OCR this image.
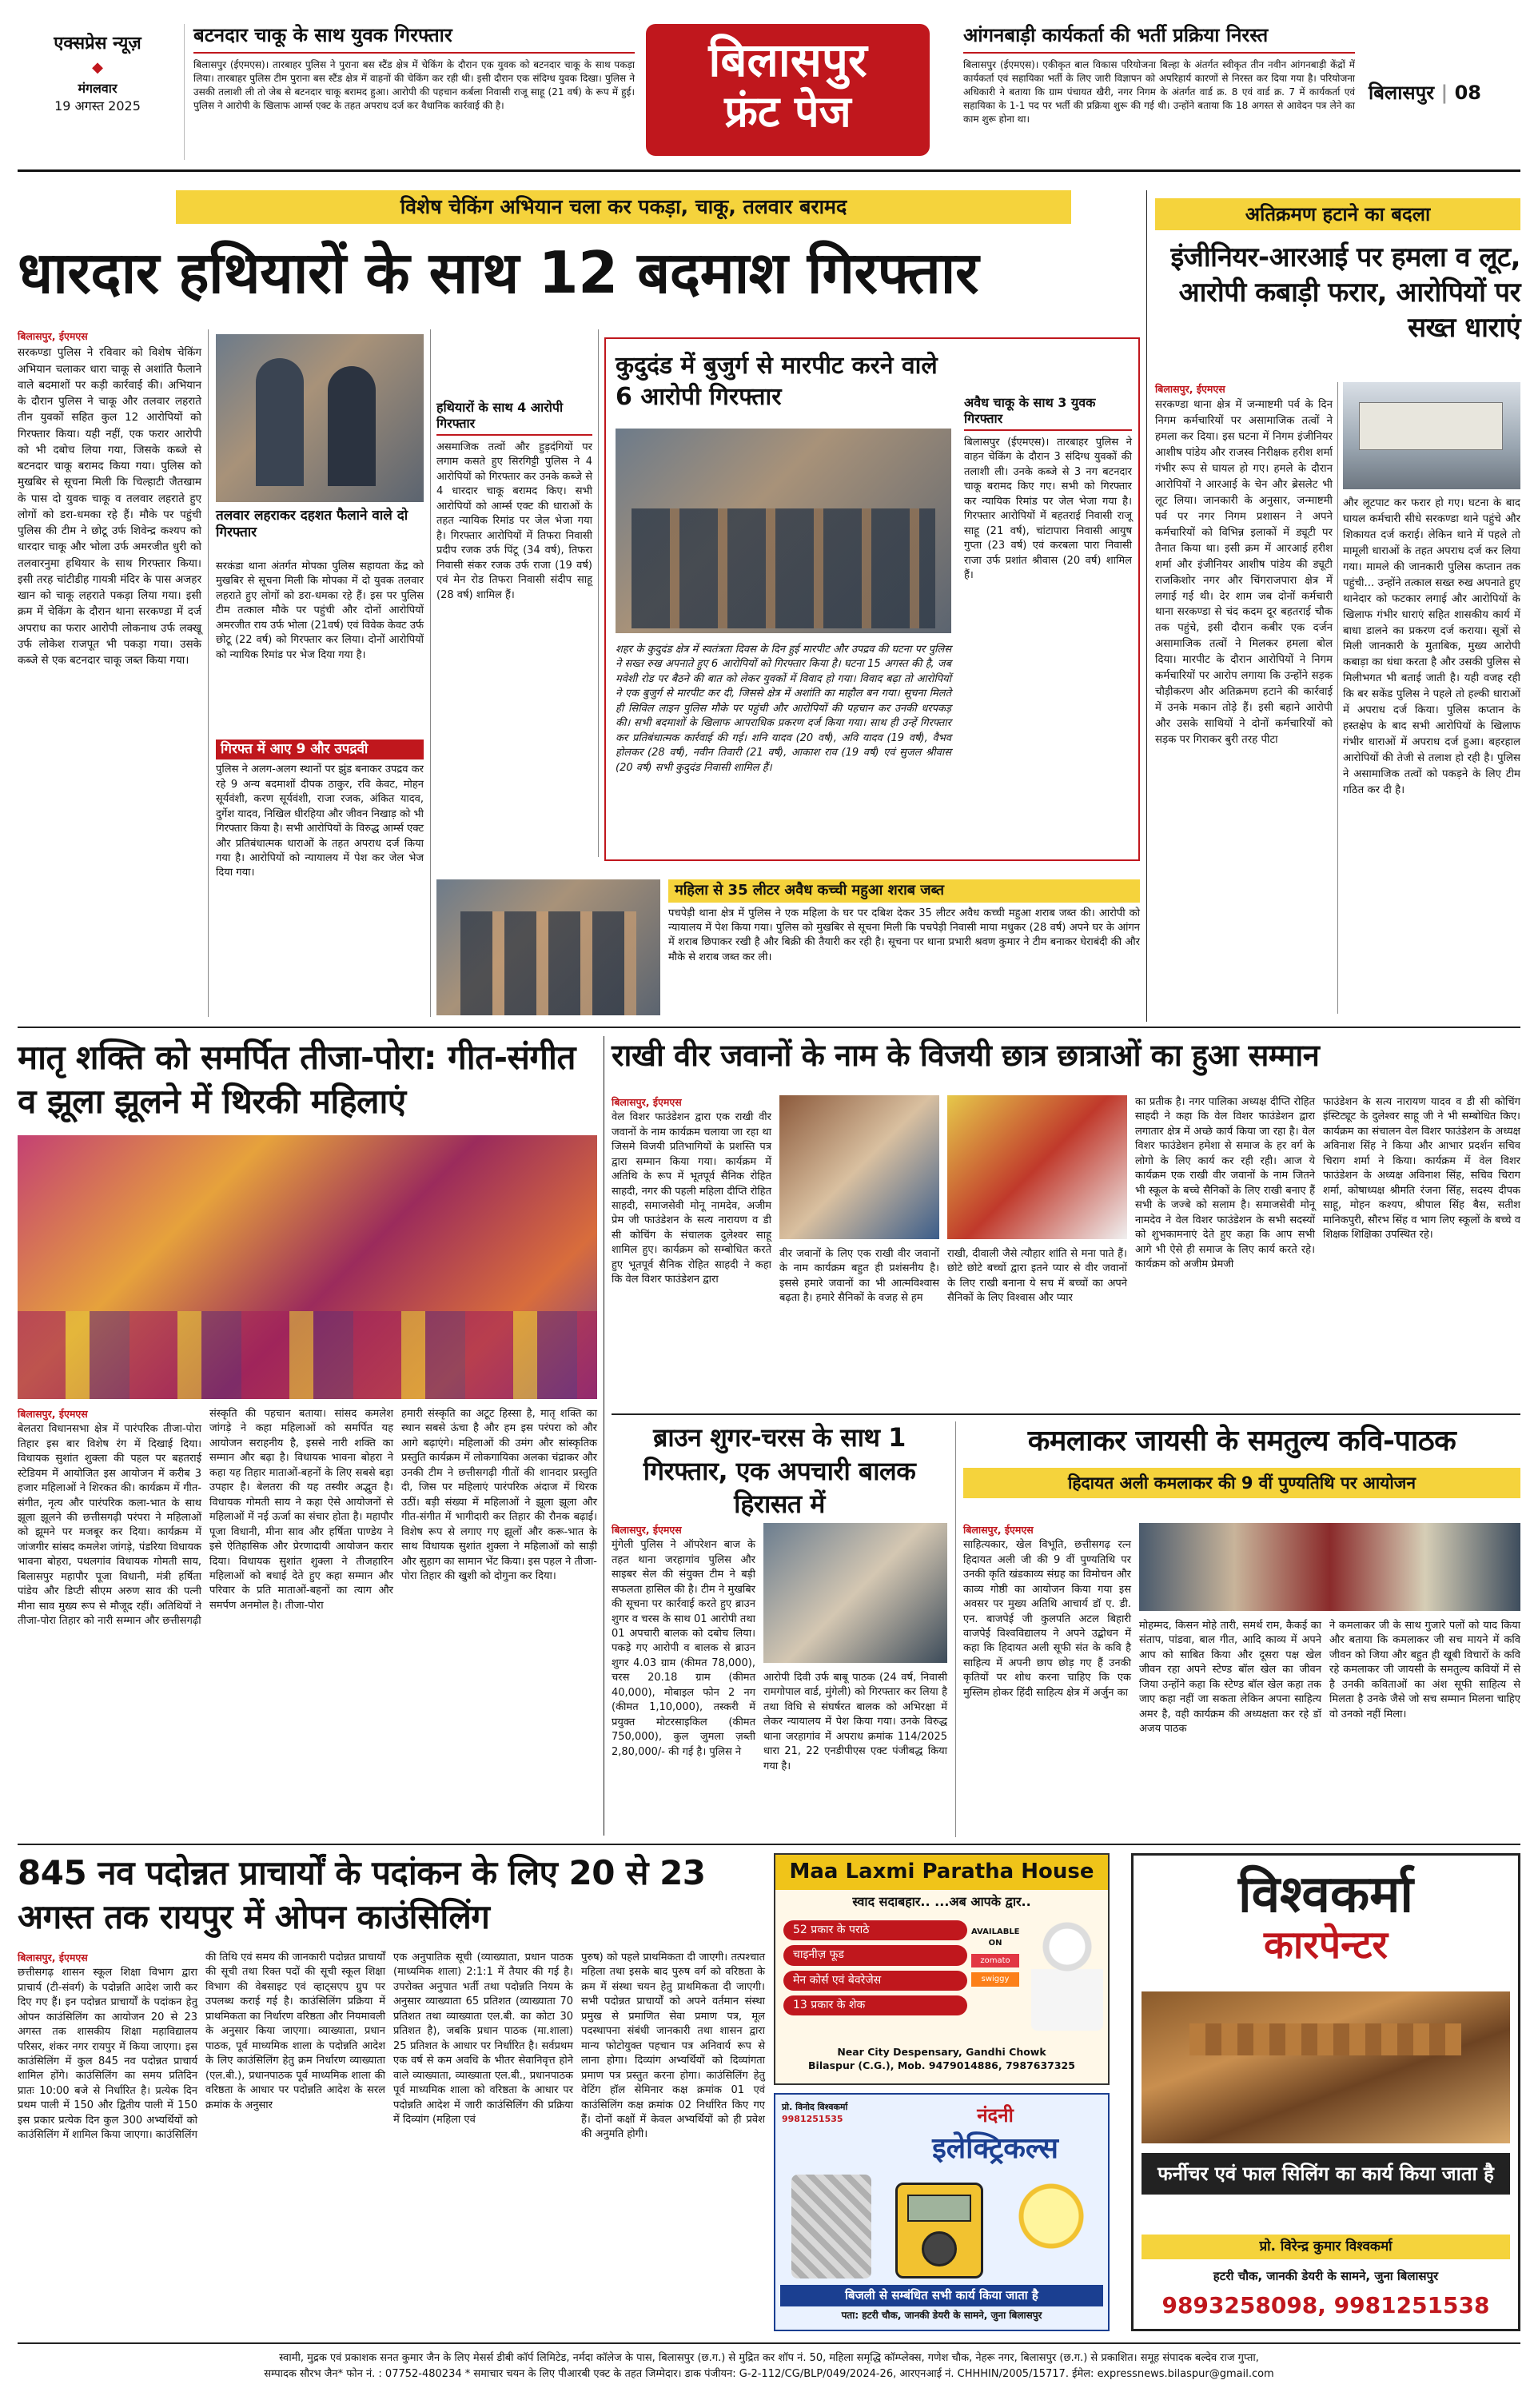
एक्सप्रेस न्यूज़
◆
मंगलवार
19 अगस्त 2025
बटनदार चाकू के साथ युवक गिरफ्तार
बिलासपुर (ईएमएस)। तारबाहर पुलिस ने पुराना बस स्टैंड क्षेत्र में चेकिंग के दौरान एक युवक को बटनदार चाकू के साथ पकड़ा लिया। तारबाहर पुलिस टीम पुराना बस स्टैंड क्षेत्र में वाहनों की चेकिंग कर रही थी। इसी दौरान एक संदिग्ध युवक दिखा। पुलिस ने उसकी तलाशी ली तो जेब से बटनदार चाकू बरामद हुआ। आरोपी की पहचान कर्बला निवासी राजू साहू (21 वर्ष) के रूप में हुई। पुलिस ने आरोपी के खिलाफ आर्म्स एक्ट के तहत अपराध दर्ज कर वैधानिक कार्रवाई की है।
बिलासपुर
फ्रंट पेज
आंगनबाड़ी कार्यकर्ता की भर्ती प्रक्रिया निरस्त
बिलासपुर (ईएमएस)। एकीकृत बाल विकास परियोजना बिल्हा के अंतर्गत स्वीकृत तीन नवीन आंगनबाड़ी केंद्रों में कार्यकर्ता एवं सहायिका भर्ती के लिए जारी विज्ञापन को अपरिहार्य कारणों से निरस्त कर दिया गया है। परियोजना अधिकारी ने बताया कि ग्राम पंचायत खैरी, नगर निगम के अंतर्गत वार्ड क्र. 8 एवं वार्ड क्र. 7 में कार्यकर्ता एवं सहायिका के 1-1 पद पर भर्ती की प्रक्रिया शुरू की गई थी। उन्होंने बताया कि 18 अगस्त से आवेदन पत्र लेने का काम शुरू होना था।
बिलासपुर | 08
विशेष चेकिंग अभियान चला कर पकड़ा, चाकू, तलवार बरामद
धारदार हथियारों के साथ 12 बदमाश गिरफ्तार
बिलासपुर, ईएमएस
सरकण्डा पुलिस ने रविवार को विशेष चेकिंग अभियान चलाकर धारा चाकू से अशांति फैलाने वाले बदमाशों पर कड़ी कार्रवाई की। अभियान के दौरान पुलिस ने चाकू और तलवार लहराते तीन युवकों सहित कुल 12 आरोपियों को गिरफ्तार किया। यही नहीं, एक फरार आरोपी को भी दबोच लिया गया, जिसके कब्जे से बटनदार चाकू बरामद किया गया। पुलिस को मुखबिर से सूचना मिली कि चिल्हाटी जैतखाम के पास दो युवक चाकू व तलवार लहराते हुए लोगों को डरा-धमका रहे हैं। मौके पर पहुंची पुलिस की टीम ने छोटू उर्फ शिवेन्द्र कश्यप को धारदार चाकू और भोला उर्फ अमरजीत धुरी को तलवारनुमा हथियार के साथ गिरफ्तार किया। इसी तरह चांटीडीह गायत्री मंदिर के पास अजहर खान को चाकू लहराते पकड़ा लिया गया। इसी क्रम में चेकिंग के दौरान थाना सरकण्डा में दर्ज अपराध का फरार आरोपी लोकनाथ उर्फ लक्खू उर्फ लोकेश राजपूत भी पकड़ा गया। उसके कब्जे से एक बटनदार चाकू जब्त किया गया।
तलवार लहराकर दहशत फैलाने वाले दो गिरफ्तार
सरकंडा थाना अंतर्गत मोपका पुलिस सहायता केंद्र को मुखबिर से सूचना मिली कि मोपका में दो युवक तलवार लहराते हुए लोगों को डरा-धमका रहे हैं। इस पर पुलिस टीम तत्काल मौके पर पहुंची और दोनों आरोपियों अमरजीत राय उर्फ भोला (21वर्ष) एवं विवेक केवट उर्फ छोटू (22 वर्ष) को गिरफ्तार कर लिया। दोनों आरोपियों को न्यायिक रिमांड पर भेज दिया गया है।
गिरफ्त में आए 9 और उपद्रवी
पुलिस ने अलग-अलग स्थानों पर झुंड बनाकर उपद्रव कर रहे 9 अन्य बदमाशों दीपक ठाकुर, रवि केवट, मोहन सूर्यवंशी, करण सूर्यवंशी, राजा रजक, अंकित यादव, दुर्गेश यादव, निखिल धीरहिया और जीवन निखाड़ को भी गिरफ्तार किया है। सभी आरोपियों के विरुद्ध आर्म्स एक्ट और प्रतिबंधात्मक धाराओं के तहत अपराध दर्ज किया गया है। आरोपियों को न्यायालय में पेश कर जेल भेज दिया गया।
हथियारों के साथ 4 आरोपी गिरफ्तार
असमाजिक तत्वों और हुड़दंगियों पर लगाम कसते हुए सिरगिट्टी पुलिस ने 4 आरोपियों को गिरफ्तार कर उनके कब्जे से 4 धारदार चाकू बरामद किए। सभी आरोपियों को आर्म्स एक्ट की धाराओं के तहत न्यायिक रिमांड पर जेल भेजा गया है। गिरफ्तार आरोपियों में तिफरा निवासी प्रदीप रजक उर्फ पिंटू (34 वर्ष), तिफरा निवासी संकर रजक उर्फ राजा (19 वर्ष) एवं मेन रोड तिफरा निवासी संदीप साहू (28 वर्ष) शामिल हैं।
कुदुदंड में बुजुर्ग से मारपीट करने वाले 6 आरोपी गिरफ्तार
शहर के कुदुदंड क्षेत्र में स्वतंत्रता दिवस के दिन हुई मारपीट और उपद्रव की घटना पर पुलिस ने सख्त रुख अपनाते हुए 6 आरोपियों को गिरफ्तार किया है। घटना 15 अगस्त की है, जब मवेशी रोड पर बैठने की बात को लेकर युवकों में विवाद हो गया। विवाद बढ़ा तो आरोपियों ने एक बुजुर्ग से मारपीट कर दी, जिससे क्षेत्र में अशांति का माहौल बन गया। सूचना मिलते ही सिविल लाइन पुलिस मौके पर पहुंची और आरोपियों की पहचान कर उनकी धरपकड़ की। सभी बदमाशों के खिलाफ आपराधिक प्रकरण दर्ज किया गया। साथ ही उन्हें गिरफ्तार कर प्रतिबंधात्मक कार्रवाई की गई। शनि यादव (20 वर्ष), अवि यादव (19 वर्ष), वैभव होलकर (28 वर्ष), नवीन तिवारी (21 वर्ष), आकाश राव (19 वर्ष) एवं सुजल श्रीवास (20 वर्ष) सभी कुदुदंड निवासी शामिल हैं।
अवैध चाकू के साथ 3 युवक गिरफ्तार
बिलासपुर (ईएमएस)। तारबाहर पुलिस ने वाहन चेकिंग के दौरान 3 संदिग्ध युवकों की तलाशी ली। उनके कब्जे से 3 नग बटनदार चाकू बरामद किए गए। सभी को गिरफ्तार कर न्यायिक रिमांड पर जेल भेजा गया है। गिरफ्तार आरोपियों में बहतराई निवासी राजू साहू (21 वर्ष), चांटापारा निवासी आयुष गुप्ता (23 वर्ष) एवं करबला पारा निवासी राजा उर्फ प्रशांत श्रीवास (20 वर्ष) शामिल हैं।
महिला से 35 लीटर अवैध कच्ची महुआ शराब जब्त
पचपेड़ी थाना क्षेत्र में पुलिस ने एक महिला के घर पर दबिश देकर 35 लीटर अवैध कच्ची महुआ शराब जब्त की। आरोपी को न्यायालय में पेश किया गया। पुलिस को मुखबिर से सूचना मिली कि पचपेड़ी निवासी माया मधुकर (28 वर्ष) अपने घर के आंगन में शराब छिपाकर रखी है और बिक्री की तैयारी कर रही है। सूचना पर थाना प्रभारी श्रवण कुमार ने टीम बनाकर घेराबंदी की और मौके से शराब जब्त कर ली।
अतिक्रमण हटाने का बदला
इंजीनियर-आरआई पर हमला व लूट, आरोपी कबाड़ी फरार, आरोपियों पर सख्त धाराएं
बिलासपुर, ईएमएस
सरकण्डा थाना क्षेत्र में जन्माष्टमी पर्व के दिन निगम कर्मचारियों पर असामाजिक तत्वों ने हमला कर दिया। इस घटना में निगम इंजीनियर आशीष पांडेय और राजस्व निरीक्षक हरीश शर्मा गंभीर रूप से घायल हो गए। हमले के दौरान आरोपियों ने आरआई के चेन और ब्रेसलेट भी लूट लिया। जानकारी के अनुसार, जन्माष्टमी पर्व पर नगर निगम प्रशासन ने अपने कर्मचारियों को विभिन्न इलाकों में ड्यूटी पर तैनात किया था। इसी क्रम में आरआई हरीश शर्मा और इंजीनियर आशीष पांडेय की ड्यूटी राजकिशोर नगर और चिंगराजपारा क्षेत्र में लगाई गई थी। देर शाम जब दोनों कर्मचारी थाना सरकण्डा से चंद कदम दूर बहतराई चौक तक पहुंचे, इसी दौरान कबीर एक दर्जन असामाजिक तत्वों ने मिलकर हमला बोल दिया। मारपीट के दौरान आरोपियों ने निगम कर्मचारियों पर आरोप लगाया कि उन्होंने सड़क चौड़ीकरण और अतिक्रमण हटाने की कार्रवाई में उनके मकान तोड़े हैं। इसी बहाने आरोपी और उसके साथियों ने दोनों कर्मचारियों को सड़क पर गिराकर बुरी तरह पीटा
और लूटपाट कर फरार हो गए। घटना के बाद घायल कर्मचारी सीधे सरकण्डा थाने पहुंचे और शिकायत दर्ज कराई। लेकिन थाने में पहले तो मामूली धाराओं के तहत अपराध दर्ज कर लिया गया। मामले की जानकारी पुलिस कप्तान तक पहुंची... उन्होंने तत्काल सख्त रुख अपनाते हुए थानेदार को फटकार लगाई और आरोपियों के खिलाफ गंभीर धाराएं सहित शासकीय कार्य में बाधा डालने का प्रकरण दर्ज कराया। सूत्रों से मिली जानकारी के मुताबिक, मुख्य आरोपी कबाड़ा का धंधा करता है और उसकी पुलिस से मिलीभगत भी बताई जाती है। यही वजह रही कि बर सकेंड पुलिस ने पहले तो हल्की धाराओं में अपराध दर्ज किया। पुलिस कप्तान के हस्तक्षेप के बाद सभी आरोपियों के खिलाफ गंभीर धाराओं में अपराध दर्ज हुआ। बहरहाल आरोपियों की तेजी से तलाश हो रही है। पुलिस ने असामाजिक तत्वों को पकड़ने के लिए टीम गठित कर दी है।
मातृ शक्ति को समर्पित तीजा-पोरा: गीत-संगीत व झूला झूलने में थिरकी महिलाएं
बिलासपुर, ईएमएस
बेलतरा विधानसभा क्षेत्र में पारंपरिक तीजा-पोरा तिहार इस बार विशेष रंग में दिखाई दिया। विधायक सुशांत शुक्ला की पहल पर बहतराई स्टेडियम में आयोजित इस आयोजन में करीब 3 हजार महिलाओं ने शिरकत की। कार्यक्रम में गीत-संगीत, नृत्य और पारंपरिक कला-भात के साथ झूला झूलने की छत्तीसगढ़ी परंपरा ने महिलाओं को झूमने पर मजबूर कर दिया। कार्यक्रम में जांजगीर सांसद कमलेश जांगड़े, पंडरिया विधायक भावना बोहरा, पथलगांव विधायक गोमती साय, बिलासपुर महापौर पूजा विधानी, मंत्री हर्षिता पांडेय और डिप्टी सीएम अरुण साव की पत्नी मीना साव मुख्य रूप से मौजूद रहीं। अतिथियों ने तीजा-पोरा तिहार को नारी सम्मान और छत्तीसगढ़ी
संस्कृति की पहचान बताया। सांसद कमलेश जांगड़े ने कहा महिलाओं को समर्पित यह आयोजन सराहनीय है, इससे नारी शक्ति का सम्मान और बढ़ा है। विधायक भावना बोहरा ने कहा यह तिहार माताओं-बहनों के लिए सबसे बड़ा उपहार है। बेलतरा की यह तस्वीर अद्भुत है। विधायक गोमती साय ने कहा ऐसे आयोजनों से महिलाओं में नई ऊर्जा का संचार होता है। महापौर पूजा विधानी, मीना साव और हर्षिता पाण्डेय ने इसे ऐतिहासिक और प्रेरणादायी आयोजन करार दिया। विधायक सुशांत शुक्ला ने तीजहारिन महिलाओं को बधाई देते हुए कहा सम्मान और परिवार के प्रति माताओं-बहनों का त्याग और समर्पण अनमोल है। तीजा-पोरा
हमारी संस्कृति का अटूट हिस्सा है, मातृ शक्ति का स्थान सबसे ऊंचा है और हम इस परंपरा को और आगे बढ़ाएंगे। महिलाओं की उमंग और सांस्कृतिक प्रस्तुति कार्यक्रम में लोकगायिका अलका चंद्राकर और उनकी टीम ने छत्तीसगढ़ी गीतों की शानदार प्रस्तुति दी, जिस पर महिलाएं पारंपरिक अंदाज में थिरक उठीं। बड़ी संख्या में महिलाओं ने झूला झूला और गीत-संगीत में भागीदारी कर तिहार की रौनक बढ़ाई। विशेष रूप से लगाए गए झूलों और करू-भात के साथ विधायक सुशांत शुक्ला ने महिलाओं को साड़ी और सुहाग का सामान भेंट किया। इस पहल ने तीजा-पोरा तिहार की खुशी को दोगुना कर दिया।
राखी वीर जवानों के नाम के विजयी छात्र छात्राओं का हुआ सम्मान
बिलासपुर, ईएमएस
वेल विशर फाउंडेशन द्वारा एक राखी वीर जवानों के नाम कार्यक्रम चलाया जा रहा था जिसमे विजयी प्रतिभागियों के प्रशस्ति पत्र द्वारा सम्मान किया गया। कार्यक्रम में अतिथि के रूप में भूतपूर्व सैनिक रोहित साहदी, नगर की पहली महिला दीप्ति रोहित साहदी, समाजसेवी मोनू नामदेव, अजीम प्रेम जी फाउंडेशन के सत्य नारायण व डी सी कोचिंग के संचालक दुलेश्वर साहू शामिल हुए। कार्यक्रम को सम्बोधित करते हुए भूतपूर्व सैनिक रोहित साहदी ने कहा कि वेल विशर फाउंडेशन द्वारा
वीर जवानों के लिए एक राखी वीर जवानों के नाम कार्यक्रम बहुत ही प्रशंसनीय है। इससे हमारे जवानों का भी आत्मविश्वास बढ़ता है। हमारे सैनिकों के वजह से हम
राखी, दीवाली जैसे त्यौहार शांति से मना पाते हैं। छोटे छोटे बच्चों द्वारा इतने प्यार से वीर जवानों के लिए राखी बनाना ये सच में बच्चों का अपने सैनिकों के लिए विश्वास और प्यार
का प्रतीक है। नगर पालिका अध्यक्ष दीप्ति रोहित साहदी ने कहा कि वेल विशर फाउंडेशन द्वारा लगातार क्षेत्र में अच्छे कार्य किया जा रहा है। वेल विशर फाउंडेशन हमेशा से समाज के हर वर्ग के लोगो के लिए कार्य कर रही रही। आज ये कार्यक्रम एक राखी वीर जवानों के नाम जितने भी स्कूल के बच्चे सैनिकों के लिए राखी बनाए हैं सभी के जज्बे को सलाम है। समाजसेवी मोनू नामदेव ने वेल विशर फाउंडेशन के सभी सदस्यों को शुभकामनाएं देते हुए कहा कि आप सभी आगे भी ऐसे ही समाज के लिए कार्य करते रहे। कार्यक्रम को अजीम प्रेमजी
फाउंडेशन के सत्य नारायण यादव व डी सी कोचिंग इंस्टिट्यूट के दुलेश्वर साहू जी ने भी सम्बोधित किए। कार्यक्रम का संचालन वेल विशर फाउंडेशन के अध्यक्ष अविनाश सिंह ने किया और आभार प्रदर्शन सचिव चिराग शर्मा ने किया। कार्यक्रम में वेल विशर फाउंडेशन के अध्यक्ष अविनाश सिंह, सचिव चिराग शर्मा, कोषाध्यक्ष श्रीमति रंजना सिंह, सदस्य दीपक साहू, मोहन कश्यप, श्रीपाल सिंह बैस, सतीश मानिकपुरी, सौरभ सिंह व भाग लिए स्कूलों के बच्चे व शिक्षक शिक्षिका उपस्थित रहे।
ब्राउन शुगर-चरस के साथ 1 गिरफ्तार, एक अपचारी बालक हिरासत में
बिलासपुर, ईएमएस
मुंगेली पुलिस ने ऑपरेशन बाज के तहत थाना जरहागांव पुलिस और साइबर सेल की संयुक्त टीम ने बड़ी सफलता हासिल की है। टीम ने मुखबिर की सूचना पर कार्रवाई करते हुए ब्राउन शुगर व चरस के साथ 01 आरोपी तथा 01 अपचारी बालक को दबोच लिया। पकड़े गए आरोपी व बालक से ब्राउन शुगर 4.03 ग्राम (कीमत 78,000), चरस 20.18 ग्राम (कीमत 40,000), मोबाइल फोन 2 नग (कीमत 1,10,000), तस्करी में प्रयुक्त मोटरसाइकिल (कीमत 750,000), कुल जुमला ज़ब्ती 2,80,000/- की गई है। पुलिस ने
आरोपी दिवी उर्फ बाबू पाठक (24 वर्ष, निवासी रामगोपाल वार्ड, मुंगेली) को गिरफ्तार कर लिया है तथा विधि से संघर्षरत बालक को अभिरक्षा में लेकर न्यायालय में पेश किया गया। उनके विरुद्ध थाना जरहागांव में अपराध क्रमांक 114/2025 धारा 21, 22 एनडीपीएस एक्ट पंजीबद्ध किया गया है।
कमलाकर जायसी के समतुल्य कवि-पाठक
हिदायत अली कमलाकर की 9 वीं पुण्यतिथि पर आयोजन
बिलासपुर, ईएमएस
साहित्यकार, खेल विभूति, छत्तीसगढ़ रत्न हिदायत अली जी की 9 वीं पुण्यतिथि पर उनकी कृति खंडकाव्य संग्रह का विमोचन और काव्य गोष्ठी का आयोजन किया गया इस अवसर पर मुख्य अतिथि आचार्य डॉ ए. डी. एन. बाजपेई जी कुलपति अटल बिहारी वाजपेई विश्वविद्यालय ने अपने उद्बोधन में कहा कि हिदायत अली सूफी संत के कवि है साहित्य में अपनी छाप छोड़ गए हैं उनकी कृतियों पर शोध करना चाहिए कि एक मुस्लिम होकर हिंदी साहित्य क्षेत्र में अर्जुन का
मोहम्मद, किसन मोहे तारी, समर्थ राम, कैकई का संताप, पांडवा, बाल गीत, आदि काव्य में अपने आप को साबित किया और दूसरा पक्ष खेल जीवन रहा अपने स्टेण्ड बॉल खेल का जीवन जिया उन्होंने कहा कि स्टेण्ड बॉल खेल कहा तक जाए कहा नहीं जा सकता लेकिन अपना साहित्य अमर है, वही कार्यक्रम की अध्यक्षता कर रहे डॉ अजय पाठक
ने कमलाकर जी के साथ गुजारे पलों को याद किया और बताया कि कमलाकर जी सच मायने में कवि जीवन को जिया और बहुत ही खूबी विचारों के कवि रहे कमलाकर जी जायसी के समतुल्य कवियों में से है उनकी कविताओं का अंश सूफी साहित्य से मिलता है उनके जैसे जो सच सम्मान मिलना चाहिए वो उनको नहीं मिला।
845 नव पदोन्नत प्राचार्यों के पदांकन के लिए 20 से 23 अगस्त तक रायपुर में ओपन काउंसिलिंग
बिलासपुर, ईएमएस
छत्तीसगढ़ शासन स्कूल शिक्षा विभाग द्वारा प्राचार्य (टी-संवर्ग) के पदोन्नति आदेश जारी कर दिए गए हैं। इन पदोन्नत प्राचार्यों के पदांकन हेतु ओपन काउंसिलिंग का आयोजन 20 से 23 अगस्त तक शासकीय शिक्षा महाविद्यालय परिसर, शंकर नगर रायपुर में किया जाएगा। इस काउंसिलिंग में कुल 845 नव पदोन्नत प्राचार्य शामिल होंगे। काउंसिलिंग का समय प्रतिदिन प्रातः 10:00 बजे से निर्धारित है। प्रत्येक दिन प्रथम पाली में 150 और द्वितीय पाली में 150 इस प्रकार प्रत्येक दिन कुल 300 अभ्यर्थियों को काउंसिलिंग में शामिल किया जाएगा। काउंसिलिंग
की तिथि एवं समय की जानकारी पदोन्नत प्राचार्यों की सूची तथा रिक्त पदों की सूची स्कूल शिक्षा विभाग की वेबसाइट एवं व्हाट्सएप ग्रुप पर उपलब्ध कराई गई है। काउंसिलिंग प्रक्रिया में प्राथमिकता का निर्धारण वरिष्ठता और नियमावली के अनुसार किया जाएगा। व्याख्याता, प्रधान पाठक, पूर्व माध्यमिक शाला के पदोन्नति आदेश के लिए काउंसिलिंग हेतु क्रम निर्धारण व्याख्याता (एल.बी.), प्रधानपाठक पूर्व माध्यमिक शाला की वरिष्ठता के आधार पर पदोन्नति आदेश के सरल क्रमांक के अनुसार
एक अनुपातिक सूची (व्याख्याता, प्रधान पाठक (माध्यमिक शाला) 2:1:1 में तैयार की गई है। उपरोक्त अनुपात भर्ती तथा पदोन्नति नियम के अनुसार व्याख्याता 65 प्रतिशत (व्याख्याता 70 प्रतिशत तथा व्याख्याता एल.बी. का कोटा 30 प्रतिशत है), जबकि प्रधान पाठक (मा.शाला) 25 प्रतिशत के आधार पर निर्धारित है। सर्वप्रथम एक वर्ष से कम अवधि के भीतर सेवानिवृत्त होने वाले व्याख्याता, व्याख्याता एल.बी., प्रधानपाठक पूर्व माध्यमिक शाला को वरिष्ठता के आधार पर पदोन्नति आदेश में जारी काउंसिलिंग की प्रक्रिया में दिव्यांग (महिला एवं
पुरुष) को पहले प्राथमिकता दी जाएगी। तत्पश्चात महिला तथा इसके बाद पुरुष वर्ग को वरिष्ठता के क्रम में संस्था चयन हेतु प्राथमिकता दी जाएगी। सभी पदोन्नत प्राचार्यों को अपने वर्तमान संस्था प्रमुख से प्रमाणित सेवा प्रमाण पत्र, मूल पदस्थापना संबंधी जानकारी तथा शासन द्वारा मान्य फोटोयुक्त पहचान पत्र अनिवार्य रूप से लाना होगा। दिव्यांग अभ्यर्थियों को दिव्यांगता प्रमाण पत्र प्रस्तुत करना होगा। काउंसिलिंग हेतु वेटिंग हॉल सेमिनार कक्ष क्रमांक 01 एवं काउंसिलिंग कक्ष क्रमांक 02 निर्धारित किए गए हैं। दोनों कक्षों में केवल अभ्यर्थियों को ही प्रवेश की अनुमति होगी।
Maa Laxmi Paratha House
स्वाद सदाबहार.. ...अब आपके द्वार..
52 प्रकार के पराठे
चाइनीज़ फूड
मेन कोर्स एवं बेवरेजेस
13 प्रकार के शेक
AVAILABLE ON
zomato
swiggy
Near City Despensary, Gandhi Chowk
Bilaspur (C.G.), Mob. 9479014886, 7987637325
प्रो. विनोद विश्वकर्मा
9981251535	नंदनी
इलेक्ट्रिकल्स
बिजली से सम्बंधित सभी कार्य किया जाता है
पता: हटरी चौक, जानकी डेयरी के सामने, जुना बिलासपुर
विश्वकर्मा
कारपेन्टर
फर्नीचर एवं फाल सिलिंग का कार्य किया जाता है
प्रो. विरेन्द्र कुमार विश्वकर्मा
हटरी चौक, जानकी डेयरी के सामने, जुना बिलासपुर
9893258098, 9981251538
स्वामी, मुद्रक एवं प्रकाशक सनत कुमार जैन के लिए मेसर्स डीबी कॉर्प लिमिटेड, नर्मदा कॉलेज के पास, बिलासपुर (छ.ग.) से मुद्रित कर शॉप नं. 50, महिला समृद्धि कॉम्प्लेक्स, गणेश चौक, नेहरू नगर, बिलासपुर (छ.ग.) से प्रकाशित। समूह संपादक बल्देव राज गुप्ता,
सम्पादक सौरभ जैन* फोन नं. : 07752-480234 * समाचार चयन के लिए पीआरबी एक्ट के तहत जिम्मेदार। डाक पंजीयन: G-2-112/CG/BLP/049/2024-26, आरएनआई नं. CHHHIN/2005/15717. ईमेल: expressnews.bilaspur@gmail.com
